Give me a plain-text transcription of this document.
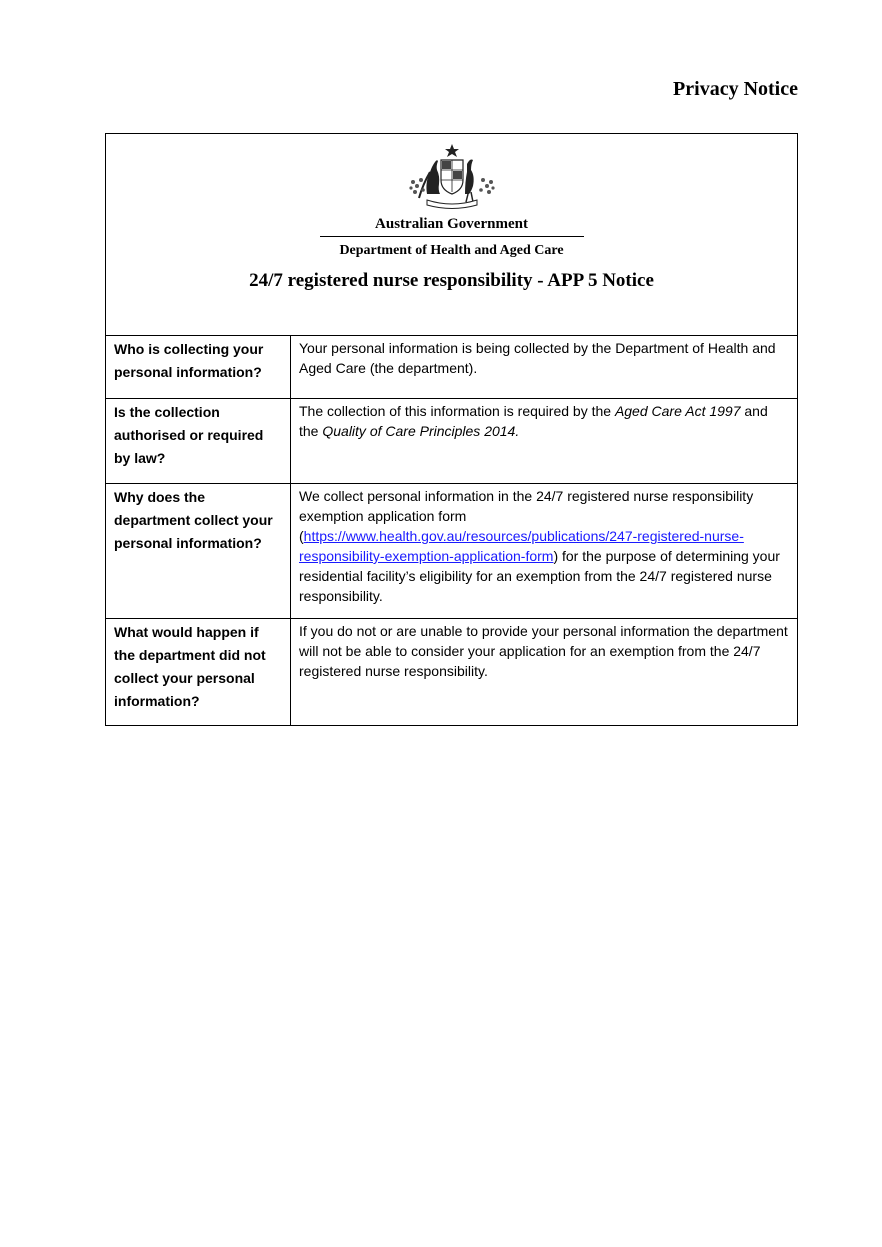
Privacy Notice
Australian Government
Department of Health and Aged Care
24/7 registered nurse responsibility - APP 5 Notice
Who is collecting your personal information?
Your personal information is being collected by the Department of Health and Aged Care (the department).
Is the collection authorised or required by law?
The collection of this information is required by the Aged Care Act 1997 and the Quality of Care Principles 2014.
Why does the department collect your personal information?
We collect personal information in the 24/7 registered nurse responsibility exemption application form (https://www.health.gov.au/resources/publications/247-registered-nurse-responsibility-exemption-application-form) for the purpose of determining your residential facility’s eligibility for an exemption from the 24/7 registered nurse responsibility.
What would happen if the department did not collect your personal information?
If you do not or are unable to provide your personal information the department will not be able to consider your application for an exemption from the 24/7 registered nurse responsibility.
